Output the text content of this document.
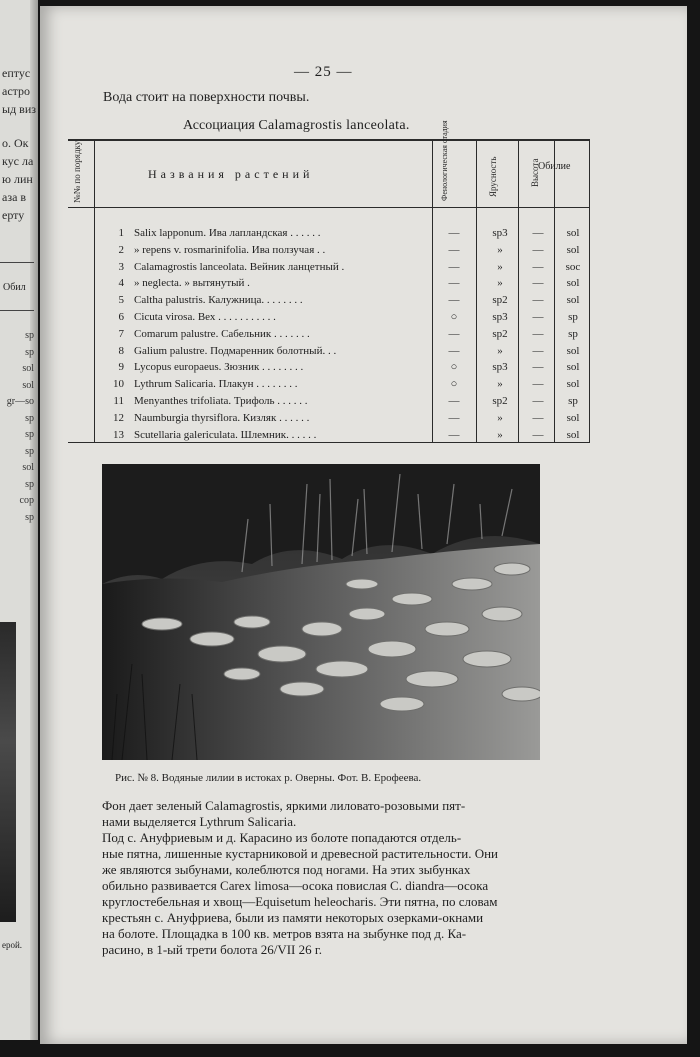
ептус
астро
ыд виз
о. Ок
кус ла
ю лин
аза в
ерту
Обил
sp
sp
sol
sol
gr—so
sp
sp
sp
sol
sp
cop
sp
ерой.
— 25 —
Вода стоит на поверхности почвы.
Ассоциация Calamagrostis lanceolata.
№№ по порядку	Названия растений	Фенологическая стадия	Ярусность	Высота
Обилие
1 Salix lapponum. Ива лапландская . . . . . .	—	sp3	—	sol
2 » repens v. rosmarinifolia. Ива ползучая . .	—	»	—	sol
3 Calamagrostis lanceolata. Вейник ланцетный .	—	»	—	soc
4 » neglecta. » вытянутый .	—	»	—	sol
5 Caltha palustris. Калужница. . . . . . . .	—	sp2	—	sol
6 Cicuta virosa. Вех . . . . . . . . . . .	○	sp3	—	sp
7 Comarum palustre. Сабельник . . . . . . .	—	sp2	—	sp
8 Galium palustre. Подмаренник болотный. . .	—	»	—	sol
9 Lycopus europaeus. Зюзник . . . . . . . .	○	sp3	—	sol
10 Lythrum Salicaria. Плакун . . . . . . . .	○	»	—	sol
11 Menyanthes trifoliata. Трифоль . . . . . .	—	sp2	—	sp
12 Naumburgia thyrsiflora. Кизляк . . . . . .	—	»	—	sol
13 Scutellaria galericulata. Шлемник. . . . . .	—	»	—	sol
Рис. № 8. Водяные лилии в истоках р. Оверны. Фот. В. Ерофеева.
Фон дает зеленый Calamagrostis, яркими лиловато-розовыми пят-
нами выделяется Lythrum Salicaria.
Под с. Ануфриевым и д. Карасино из болоте попадаются отдель-
ные пятна, лишенные кустарниковой и древесной растительности. Они
же являются зыбунами, колеблются под ногами. На этих зыбунках
обильно развивается Carex limosa—осока повислая C. diandra—осока
круглостебельная и хвощ—Equisetum heleocharis. Эти пятна, по словам
крестьян с. Ануфриева, были из памяти некоторых озерками-окнами
на болоте. Площадка в 100 кв. метров взята на зыбунке под д. Ка-
расино, в 1-ый трети болота 26/VII 26 г.
